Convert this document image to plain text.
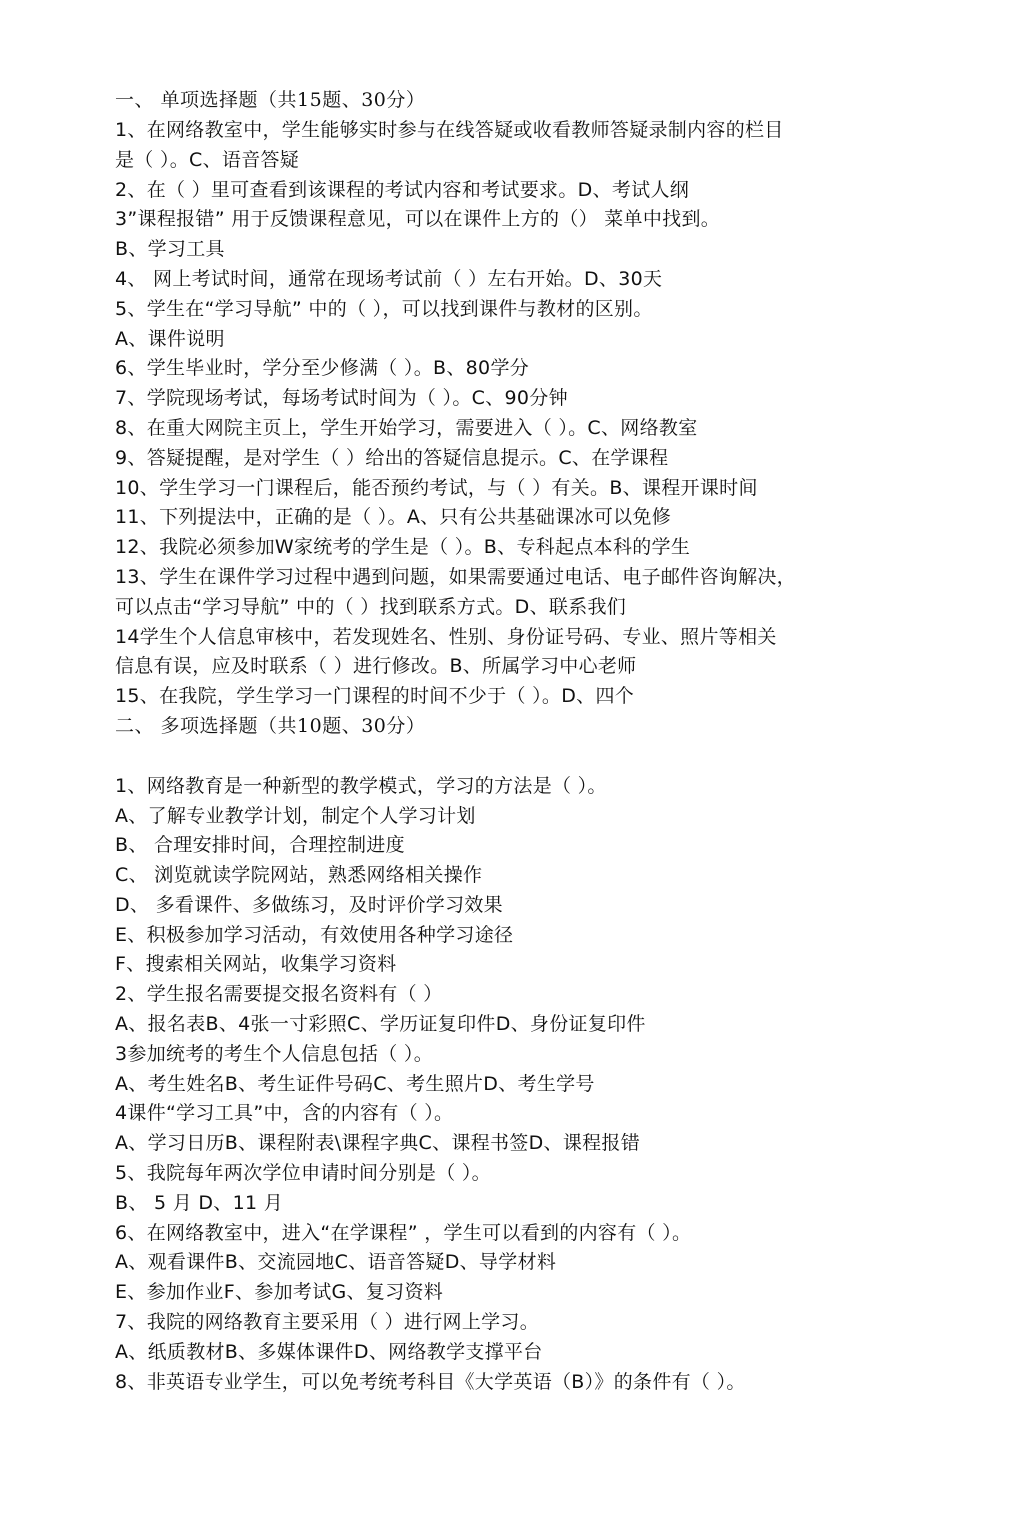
一、 单项选择题（共15题、30分）
1、在网络教室中，学生能够实时参与在线答疑或收看教师答疑录制内容的栏目
是（ ）。C、语音答疑
2、在（ ）里可查看到该课程的考试内容和考试要求。D、考试人纲
3”课程报错” 用于反馈课程意见，可以在课件上方的（） 菜单中找到。
B、学习工具
4、 网上考试时间，通常在现场考试前（ ）左右开始。D、30天
5、学生在“学习导航” 中的（ ），可以找到课件与教材的区别。
A、课件说明
6、学生毕业时，学分至少修满（ ）。B、80学分
7、学院现场考试，每场考试时间为（ ）。C、90分钟
8、在重大网院主页上，学生开始学习，需要进入（ ）。C、网络教室
9、答疑提醒，是对学生（ ）给出的答疑信息提示。C、在学课程
10、学生学习一门课程后，能否预约考试，与（ ）有关。B、课程开课时间
11、下列提法中，正确的是（ ）。A、只有公共基础课冰可以免修
12、我院必须参加W家统考的学生是（ ）。B、专科起点本科的学生
13、学生在课件学习过程中遇到问题，如果需要通过电话、电子邮件咨询解决，
可以点击“学习导航” 中的（ ）找到联系方式。D、联系我们
14学生个人信息审核中，若发现姓名、性别、身份证号码、专业、照片等相关
信息有误，应及时联系（ ）进行修改。B、所属学习中心老师
15、在我院，学生学习一门课程的时间不少于（ ）。D、四个
二、 多项选择题（共10题、30分）
1、网络教育是一种新型的教学模式，学习的方法是（ ）。
A、了解专业教学计划，制定个人学习计划
B、 合理安排时间，合理控制进度
C、 浏览就读学院网站，熟悉网络相关操作
D、 多看课件、多做练习，及时评价学习效果
E、积极参加学习活动，有效使用各种学习途径
F、搜索相关网站，收集学习资料
2、学生报名需要提交报名资料有（ ）
A、报名表B、4张一寸彩照C、学历证复印件D、身份证复印件
3参加统考的考生个人信息包括（ ）。
A、考生姓名B、考生证件号码C、考生照片D、考生学号
4课件“学习工具”中，含的内容有（ ）。
A、学习日历B、课程附表\课程字典C、课程书签D、课程报错
5、我院每年两次学位申请时间分别是（ ）。
B、 5 月 D、11 月
6、在网络教室中，进入“在学课程” ，学生可以看到的内容有（ ）。
A、观看课件B、交流园地C、语音答疑D、导学材料
E、参加作业F、参加考试G、复习资料
7、我院的网络教育主要采用（ ）进行网上学习。
A、纸质教材B、多媒体课件D、网络教学支撑平台
8、非英语专业学生，可以免考统考科目《大学英语（B）》的条件有（ ）。
